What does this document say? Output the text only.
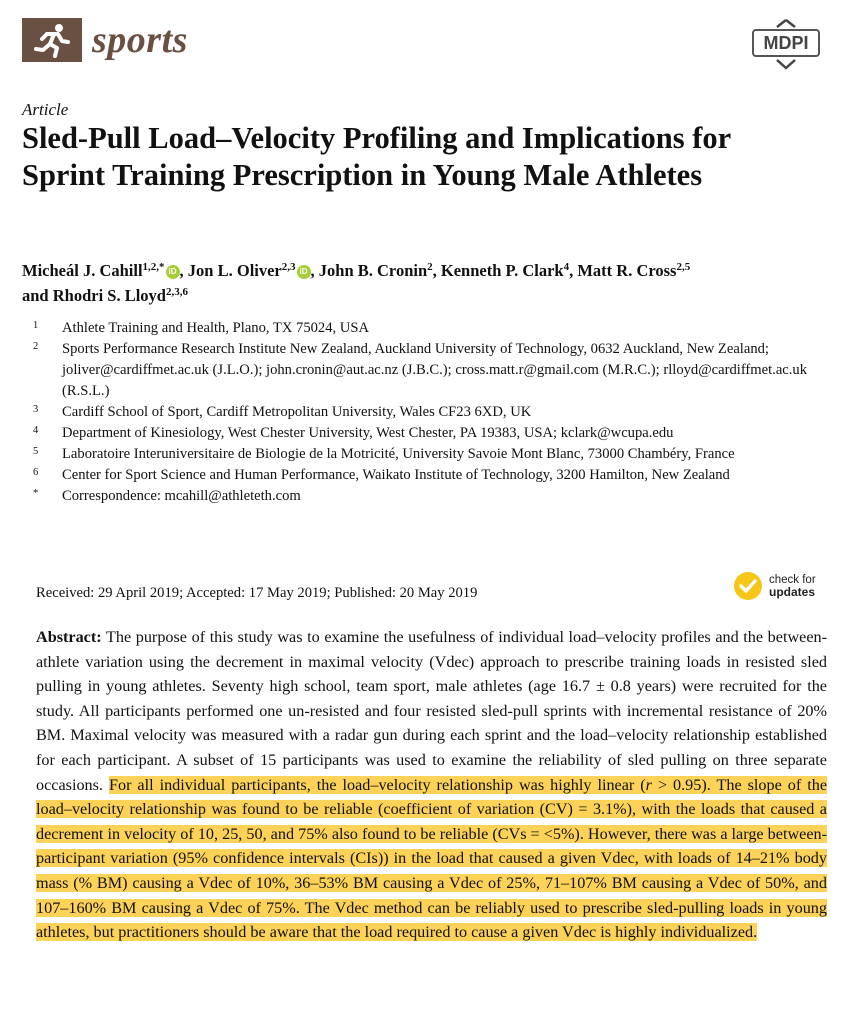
sports	MDPI
Article
Sled-Pull Load–Velocity Profiling and Implications for Sprint Training Prescription in Young Male Athletes
Micheál J. Cahill$^{1,2,*}$ iD , Jon L. Oliver$^{2,3}$ iD , John B. Cronin$^2$, Kenneth P. Clark$^4$, Matt R. Cross$^{2,5}$
and Rhodri S. Lloyd$^{2,3,6}$
1	Athlete Training and Health, Plano, TX 75024, USA
2	Sports Performance Research Institute New Zealand, Auckland University of Technology, 0632 Auckland, New Zealand; joliver@cardiffmet.ac.uk (J.L.O.); john.cronin@aut.ac.nz (J.B.C.); cross.matt.r@gmail.com (M.R.C.); rlloyd@cardiffmet.ac.uk (R.S.L.)
3	Cardiff School of Sport, Cardiff Metropolitan University, Wales CF23 6XD, UK
4	Department of Kinesiology, West Chester University, West Chester, PA 19383, USA; kclark@wcupa.edu
5	Laboratoire Interuniversitaire de Biologie de la Motricité, University Savoie Mont Blanc, 73000 Chambéry, France
6	Center for Sport Science and Human Performance, Waikato Institute of Technology, 3200 Hamilton, New Zealand
*	Correspondence: mcahill@athleteth.com
Received: 29 April 2019; Accepted: 17 May 2019; Published: 20 May 2019
check for
updates
Abstract: The purpose of this study was to examine the usefulness of individual load–velocity profiles and the between-athlete variation using the decrement in maximal velocity (Vdec) approach to prescribe training loads in resisted sled pulling in young athletes. Seventy high school, team sport, male athletes (age 16.7 ± 0.8 years) were recruited for the study. All participants performed one un-resisted and four resisted sled-pull sprints with incremental resistance of 20% BM. Maximal velocity was measured with a radar gun during each sprint and the load–velocity relationship established for each participant. A subset of 15 participants was used to examine the reliability of sled pulling on three separate occasions. For all individual participants, the load–velocity relationship was highly linear (r > 0.95). The slope of the load–velocity relationship was found to be reliable (coefficient of variation (CV) = 3.1%), with the loads that caused a decrement in velocity of 10, 25, 50, and 75% also found to be reliable (CVs = <5%). However, there was a large between-participant variation (95% confidence intervals (CIs)) in the load that caused a given Vdec, with loads of 14–21% body mass (% BM) causing a Vdec of 10%, 36–53% BM causing a Vdec of 25%, 71–107% BM causing a Vdec of 50%, and 107–160% BM causing a Vdec of 75%. The Vdec method can be reliably used to prescribe sled-pulling loads in young athletes, but practitioners should be aware that the load required to cause a given Vdec is highly individualized.
